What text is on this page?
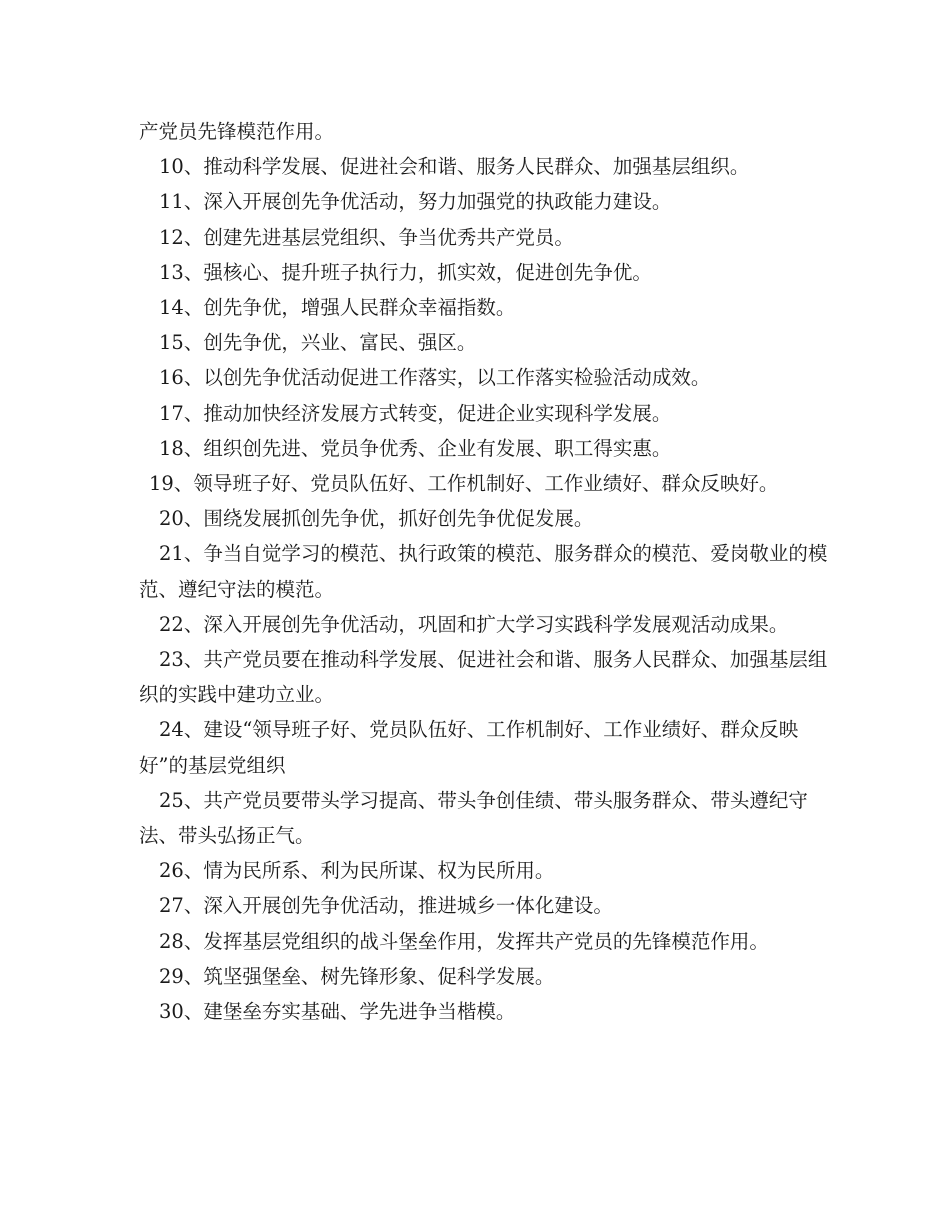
产党员先锋模范作用。

10、推动科学发展、促进社会和谐、服务人民群众、加强基层组织。

11、深入开展创先争优活动，努力加强党的执政能力建设。

12、创建先进基层党组织、争当优秀共产党员。

13、强核心、提升班子执行力，抓实效，促进创先争优。

14、创先争优，增强人民群众幸福指数。

15、创先争优，兴业、富民、强区。

16、以创先争优活动促进工作落实，以工作落实检验活动成效。

17、推动加快经济发展方式转变，促进企业实现科学发展。

18、组织创先进、党员争优秀、企业有发展、职工得实惠。

19、领导班子好、党员队伍好、工作机制好、工作业绩好、群众反映好。

20、围绕发展抓创先争优，抓好创先争优促发展。

21、争当自觉学习的模范、执行政策的模范、服务群众的模范、爱岗敬业的模范、遵纪守法的模范。

22、深入开展创先争优活动，巩固和扩大学习实践科学发展观活动成果。

23、共产党员要在推动科学发展、促进社会和谐、服务人民群众、加强基层组织的实践中建功立业。

24、建设“领导班子好、党员队伍好、工作机制好、工作业绩好、群众反映好”的基层党组织

25、共产党员要带头学习提高、带头争创佳绩、带头服务群众、带头遵纪守法、带头弘扬正气。

26、情为民所系、利为民所谋、权为民所用。

27、深入开展创先争优活动，推进城乡一体化建设。

28、发挥基层党组织的战斗堡垒作用，发挥共产党员的先锋模范作用。

29、筑坚强堡垒、树先锋形象、促科学发展。

30、建堡垒夯实基础、学先进争当楷模。
